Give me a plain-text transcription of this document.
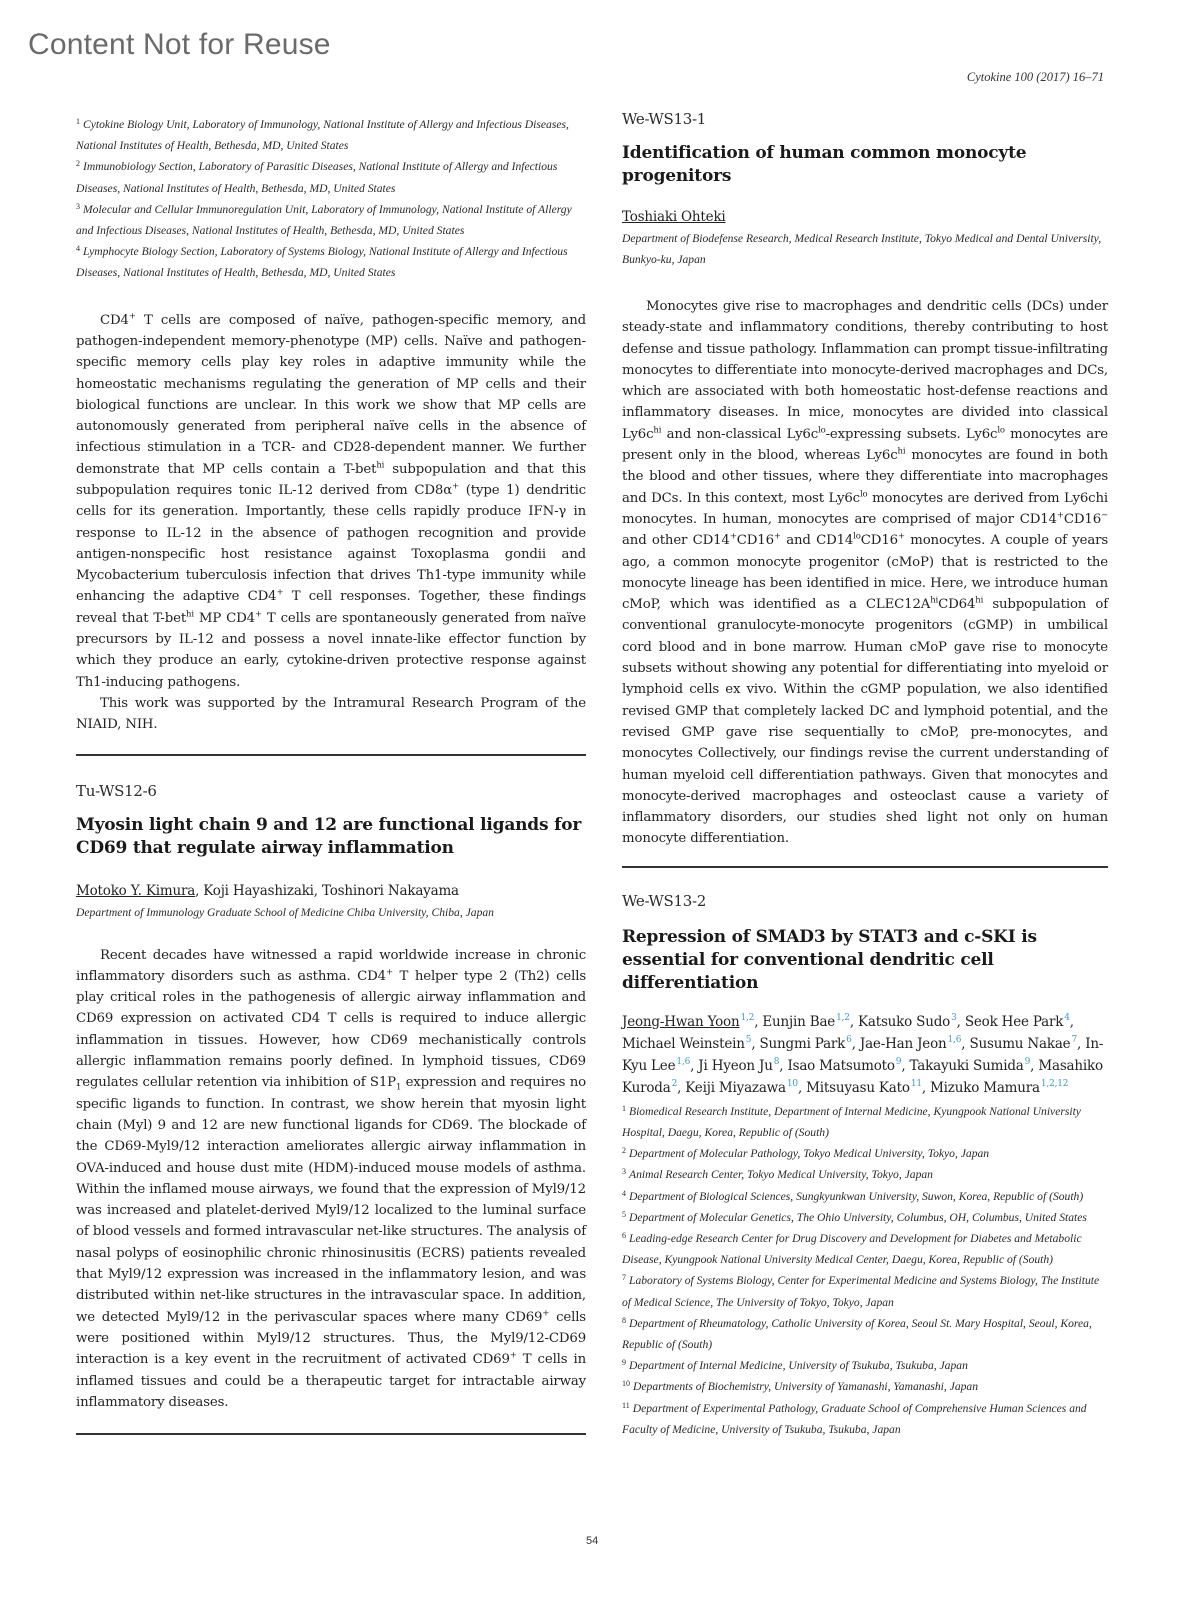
Content Not for Reuse
Cytokine 100 (2017) 16–71
$^1$ Cytokine Biology Unit, Laboratory of Immunology, National Institute of Allergy and Infectious Diseases, National Institutes of Health, Bethesda, MD, United States
$^2$ Immunobiology Section, Laboratory of Parasitic Diseases, National Institute of Allergy and Infectious Diseases, National Institutes of Health, Bethesda, MD, United States
$^3$ Molecular and Cellular Immunoregulation Unit, Laboratory of Immunology, National Institute of Allergy and Infectious Diseases, National Institutes of Health, Bethesda, MD, United States
$^4$ Lymphocyte Biology Section, Laboratory of Systems Biology, National Institute of Allergy and Infectious Diseases, National Institutes of Health, Bethesda, MD, United States

CD4+ T cells are composed of naïve, pathogen-specific memory, and pathogen-independent memory-phenotype (MP) cells. Naïve and pathogen-specific memory cells play key roles in adaptive immunity while the homeostatic mechanisms regulating the generation of MP cells and their biological functions are unclear. In this work we show that MP cells are autonomously generated from peripheral naïve cells in the absence of infectious stimulation in a TCR- and CD28-dependent manner. We further demonstrate that MP cells contain a T-bet$^{hi}$ subpopulation and that this subpopulation requires tonic IL-12 derived from CD8α+ (type 1) dendritic cells for its generation. Importantly, these cells rapidly produce IFN-γ in response to IL-12 in the absence of pathogen recognition and provide antigen-nonspecific host resistance against Toxoplasma gondii and Mycobacterium tuberculosis infection that drives Th1-type immunity while enhancing the adaptive CD4+ T cell responses. Together, these findings reveal that T-bet$^{hi}$ MP CD4+ T cells are spontaneously generated from naïve precursors by IL-12 and possess a novel innate-like effector function by which they produce an early, cytokine-driven protective response against Th1-inducing pathogens.

This work was supported by the Intramural Research Program of the NIAID, NIH.

Tu-WS12-6
Myosin light chain 9 and 12 are functional ligands for CD69 that regulate airway inflammation
Motoko Y. Kimura, Koji Hayashizaki, Toshinori Nakayama
Department of Immunology Graduate School of Medicine Chiba University, Chiba, Japan

Recent decades have witnessed a rapid worldwide increase in chronic inflammatory disorders such as asthma. CD4+ T helper type 2 (Th2) cells play critical roles in the pathogenesis of allergic airway inflammation and CD69 expression on activated CD4 T cells is required to induce allergic inflammation in tissues. However, how CD69 mechanistically controls allergic inflammation remains poorly defined. In lymphoid tissues, CD69 regulates cellular retention via inhibition of $S1P_1$ expression and requires no specific ligands to function. In contrast, we show herein that myosin light chain (Myl) 9 and 12 are new functional ligands for CD69. The blockade of the CD69-Myl9/12 interaction ameliorates allergic airway inflammation in OVA-induced and house dust mite (HDM)-induced mouse models of asthma. Within the inflamed mouse airways, we found that the expression of Myl9/12 was increased and platelet-derived Myl9/12 localized to the luminal surface of blood vessels and formed intravascular net-like structures. The analysis of nasal polyps of eosinophilic chronic rhinosinusitis (ECRS) patients revealed that Myl9/12 expression was increased in the inflammatory lesion, and was distributed within net-like structures in the intravascular space. In addition, we detected Myl9/12 in the perivascular spaces where many CD69+ cells were positioned within Myl9/12 structures. Thus, the Myl9/12-CD69 interaction is a key event in the recruitment of activated CD69+ T cells in inflamed tissues and could be a therapeutic target for intractable airway inflammatory diseases.

We-WS13-1
Identification of human common monocyte progenitors
Toshiaki Ohteki
Department of Biodefense Research, Medical Research Institute, Tokyo Medical and Dental University, Bunkyo-ku, Japan

Monocytes give rise to macrophages and dendritic cells (DCs) under steady-state and inflammatory conditions, thereby contributing to host defense and tissue pathology. Inflammation can prompt tissue-infiltrating monocytes to differentiate into monocyte-derived macrophages and DCs, which are associated with both homeostatic host-defense reactions and inflammatory diseases. In mice, monocytes are divided into classical $Ly6c^{hi}$ and non-classical $Ly6c^{lo}$-expressing subsets. $Ly6c^{lo}$ monocytes are present only in the blood, whereas $Ly6c^{hi}$ monocytes are found in both the blood and other tissues, where they differentiate into macrophages and DCs. In this context, most $Ly6c^{lo}$ monocytes are derived from Ly6chi monocytes. In human, monocytes are comprised of major CD14+CD16− and other CD14+CD16+ and $CD14^{lo}CD16^+$ monocytes. A couple of years ago, a common monocyte progenitor (cMoP) that is restricted to the monocyte lineage has been identified in mice. Here, we introduce human cMoP, which was identified as a $CLEC12A^{hi}CD64^{hi}$ subpopulation of conventional granulocyte-monocyte progenitors (cGMP) in umbilical cord blood and in bone marrow. Human cMoP gave rise to monocyte subsets without showing any potential for differentiating into myeloid or lymphoid cells ex vivo. Within the cGMP population, we also identified revised GMP that completely lacked DC and lymphoid potential, and the revised GMP gave rise sequentially to cMoP, pre-monocytes, and monocytes Collectively, our findings revise the current understanding of human myeloid cell differentiation pathways. Given that monocytes and monocyte-derived macrophages and osteoclast cause a variety of inflammatory disorders, our studies shed light not only on human monocyte differentiation.

We-WS13-2
Repression of SMAD3 by STAT3 and c-SKI is essential for conventional dendritic cell differentiation
Jeong-Hwan Yoon$^{1,2}$, Eunjin Bae$^{1,2}$, Katsuko Sudo$^3$, Seok Hee Park$^4$, Michael Weinstein$^5$, Sungmi Park$^6$, Jae-Han Jeon$^{1,6}$, Susumu Nakae$^7$, In-Kyu Lee$^{1,6}$, Ji Hyeon Ju$^8$, Isao Matsumoto$^9$, Takayuki Sumida$^9$, Masahiko Kuroda$^2$, Keiji Miyazawa$^{10}$, Mitsuyasu Kato$^{11}$, Mizuko Mamura$^{1,2,12}$
$^1$ Biomedical Research Institute, Department of Internal Medicine, Kyungpook National University Hospital, Daegu, Korea, Republic of (South)
$^2$ Department of Molecular Pathology, Tokyo Medical University, Tokyo, Japan
$^3$ Animal Research Center, Tokyo Medical University, Tokyo, Japan
$^4$ Department of Biological Sciences, Sungkyunkwan University, Suwon, Korea, Republic of (South)
$^5$ Department of Molecular Genetics, The Ohio University, Columbus, OH, Columbus, United States
$^6$ Leading-edge Research Center for Drug Discovery and Development for Diabetes and Metabolic Disease, Kyungpook National University Medical Center, Daegu, Korea, Republic of (South)
$^7$ Laboratory of Systems Biology, Center for Experimental Medicine and Systems Biology, The Institute of Medical Science, The University of Tokyo, Tokyo, Japan
$^8$ Department of Rheumatology, Catholic University of Korea, Seoul St. Mary Hospital, Seoul, Korea, Republic of (South)
$^9$ Department of Internal Medicine, University of Tsukuba, Tsukuba, Japan
$^{10}$ Departments of Biochemistry, University of Yamanashi, Yamanashi, Japan
$^{11}$ Department of Experimental Pathology, Graduate School of Comprehensive Human Sciences and Faculty of Medicine, University of Tsukuba, Tsukuba, Japan
54
